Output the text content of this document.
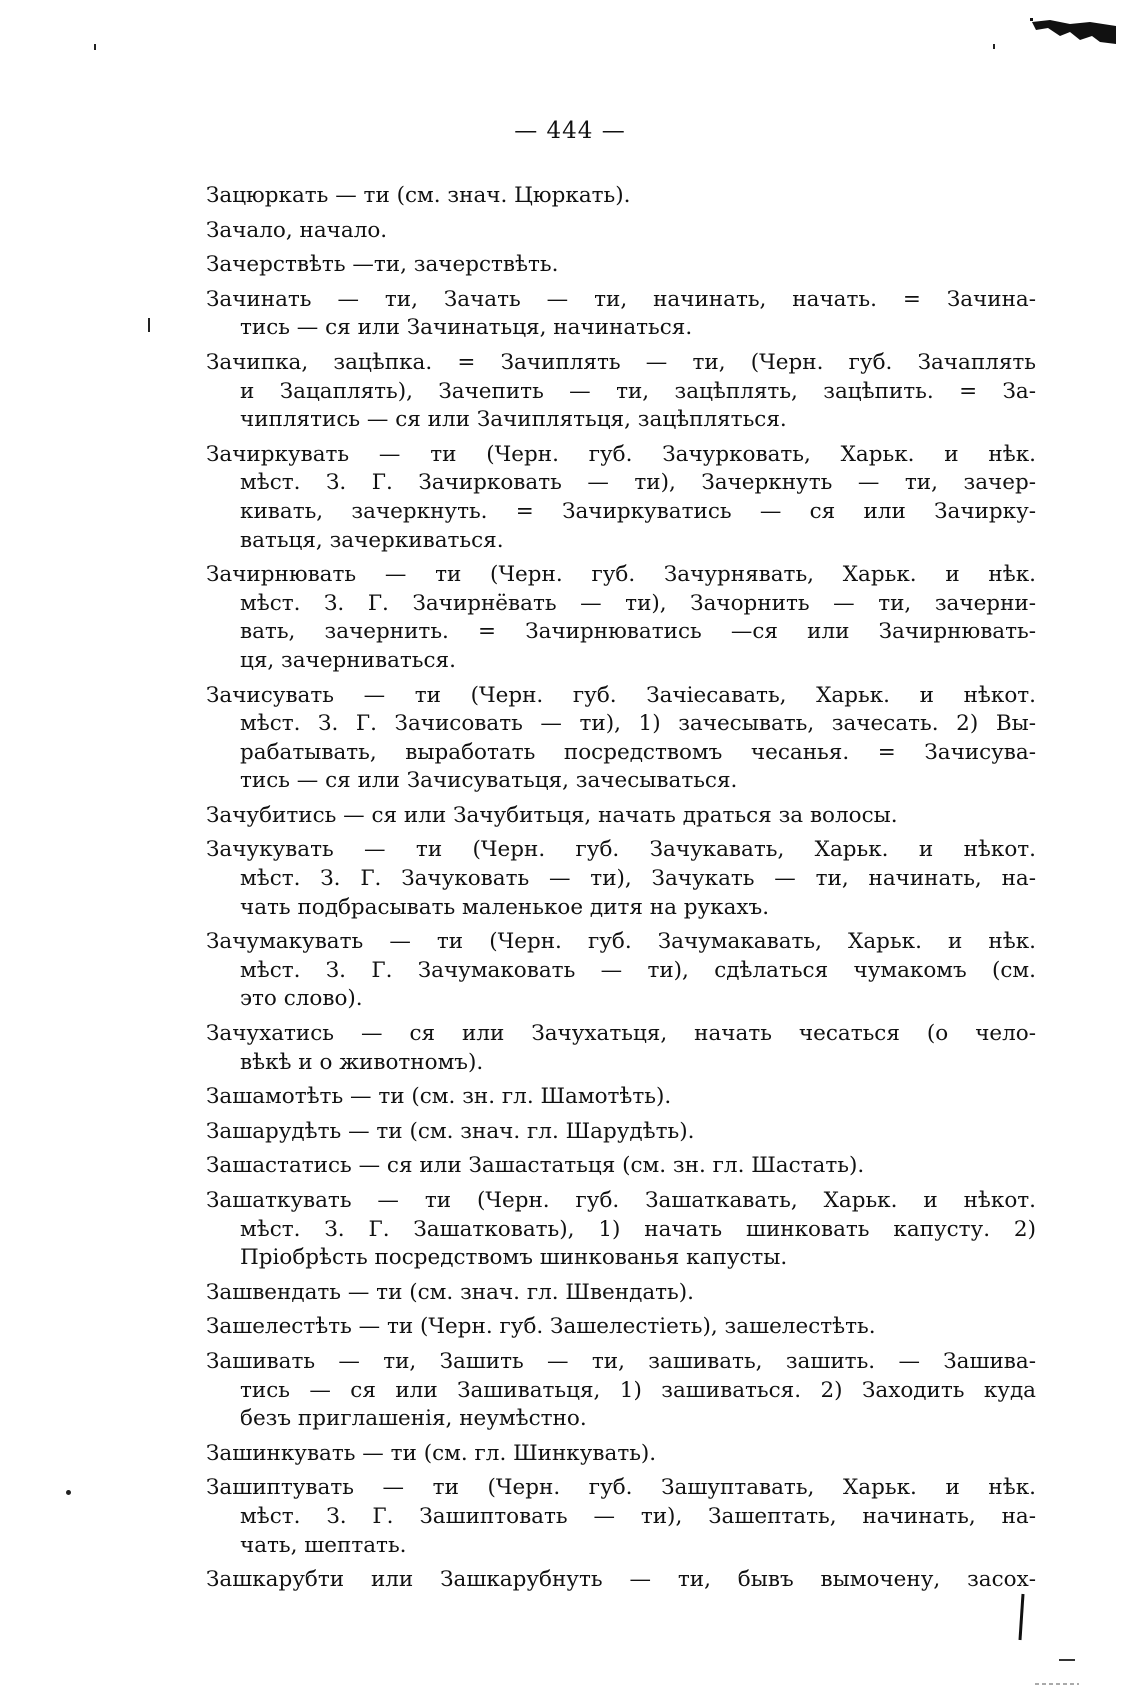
— 444 —
Зацюркать — ти (см. знач. Цюркать).
Зачало, начало.
Зачерствѣть —ти, зачерствѣть.
Зачинать — ти, Зачать — ти, начинать, начать. = Зачина-
тись — ся или Зачинатьця, начинаться.
Зачипка, зацѣпка. = Зачиплять — ти, (Черн. губ. Зачаплять
и Зацаплять), Зачепить — ти, зацѣплять, зацѣпить. = За-
чиплятись — ся или Зачиплятьця, зацѣпляться.
Зачиркувать — ти (Черн. губ. Зачурковать, Харьк. и нѣк.
мѣст. З. Г. Зачирковать — ти), Зачеркнуть — ти, зачер-
кивать, зачеркнуть. = Зачиркуватись — ся или Зачирку-
ватьця, зачеркиваться.
Зачирнювать — ти (Черн. губ. Зачурнявать, Харьк. и нѣк.
мѣст. З. Г. Зачирнёвать — ти), Зачорнить — ти, зачерни-
вать, зачернить. = Зачирнюватись —ся или Зачирнювать-
ця, зачерниваться.
Зачисувать — ти (Черн. губ. Зачiесавать, Харьк. и нѣкот.
мѣст. З. Г. Зачисовать — ти), 1) зачесывать, зачесать. 2) Вы-
рабатывать, выработать посредствомъ чесанья. = Зачисува-
тись — ся или Зачисуватьця, зачесываться.
Зачубитись — ся или Зачубитьця, начать драться за волосы.
Зачукувать — ти (Черн. губ. Зачукавать, Харьк. и нѣкот.
мѣст. З. Г. Зачуковать — ти), Зачукать — ти, начинать, на-
чать подбрасывать маленькое дитя на рукахъ.
Зачумакувать — ти (Черн. губ. Зачумакавать, Харьк. и нѣк.
мѣст. З. Г. Зачумаковать — ти), сдѣлаться чумакомъ (см.
это слово).
Зачухатись — ся или Зачухатьця, начать чесаться (о чело-
вѣкѣ и о животномъ).
Зашамотѣть — ти (см. зн. гл. Шамотѣть).
Зашарудѣть — ти (см. знач. гл. Шарудѣть).
Зашастатись — ся или Зашастатьця (см. зн. гл. Шастать).
Зашаткувать — ти (Черн. губ. Зашаткавать, Харьк. и нѣкот.
мѣст. З. Г. Зашатковать), 1) начать шинковать капусту. 2)
Прiобрѣсть посредствомъ шинкованья капусты.
Зашвендать — ти (см. знач. гл. Швендать).
Зашелестѣть — ти (Черн. губ. Зашелестiеть), зашелестѣть.
Зашивать — ти, Зашить — ти, зашивать, зашить. — Зашива-
тись — ся или Зашиватьця, 1) зашиваться. 2) Заходить куда
безъ приглашенiя, неумѣстно.
Зашинкувать — ти (см. гл. Шинкувать).
Зашиптувать — ти (Черн. губ. Зашуптавать, Харьк. и нѣк.
мѣст. З. Г. Зашиптовать — ти), Зашептать, начинать, на-
чать, шептать.
Зашкарубти или Зашкарубнуть — ти, бывъ вымочену, засох-
